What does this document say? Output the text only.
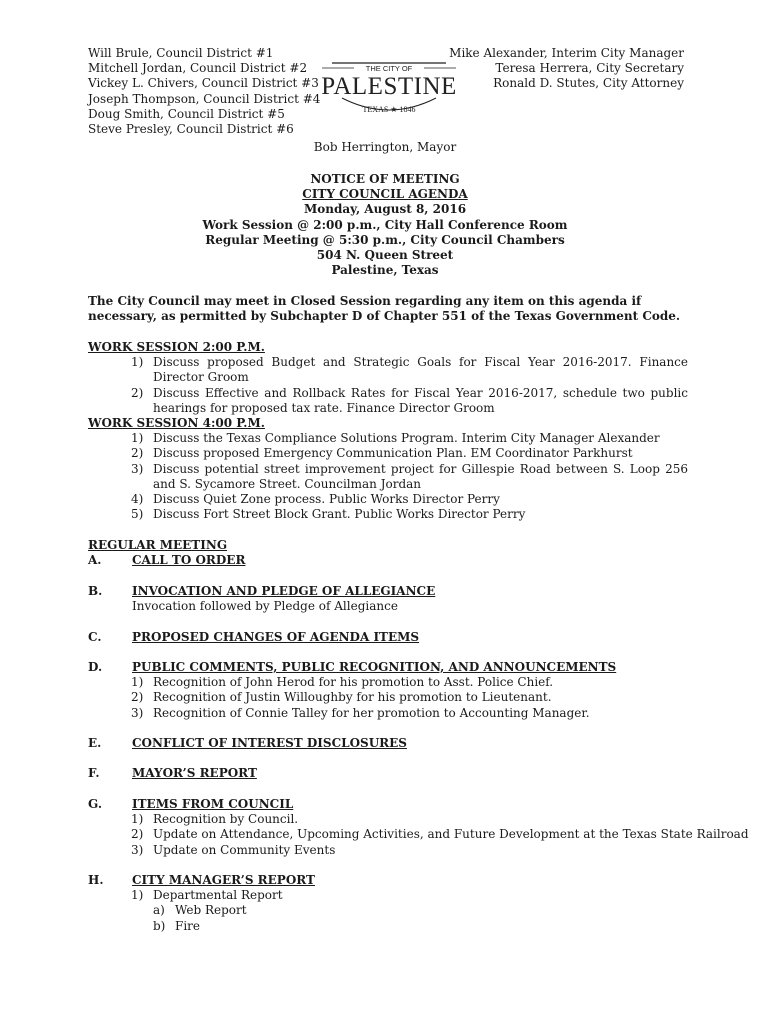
Will Brule, Council District #1
Mitchell Jordan, Council District #2
Vickey L. Chivers, Council District #3
Joseph Thompson, Council District #4
Doug Smith, Council District #5
Steve Presley, Council District #6
THE CITY OF
PALESTINE
TEXAS ★ 1846
Mike Alexander, Interim City Manager
Teresa Herrera, City Secretary
Ronald D. Stutes, City Attorney
Bob Herrington, Mayor
NOTICE OF MEETING
CITY COUNCIL AGENDA
Monday, August 8, 2016
Work Session @ 2:00 p.m., City Hall Conference Room
Regular Meeting @ 5:30 p.m., City Council Chambers
504 N. Queen Street
Palestine, Texas
The City Council may meet in Closed Session regarding any item on this agenda if necessary, as permitted by Subchapter D of Chapter 551 of the Texas Government Code.
WORK SESSION 2:00 P.M.
1) Discuss proposed Budget and Strategic Goals for Fiscal Year 2016-2017. Finance Director Groom
2) Discuss Effective and Rollback Rates for Fiscal Year 2016-2017, schedule two public hearings for proposed tax rate. Finance Director Groom
WORK SESSION 4:00 P.M.
1) Discuss the Texas Compliance Solutions Program. Interim City Manager Alexander
2) Discuss proposed Emergency Communication Plan. EM Coordinator Parkhurst
3) Discuss potential street improvement project for Gillespie Road between S. Loop 256 and S. Sycamore Street. Councilman Jordan
4) Discuss Quiet Zone process. Public Works Director Perry
5) Discuss Fort Street Block Grant. Public Works Director Perry
REGULAR MEETING
A.	CALL TO ORDER
B.	INVOCATION AND PLEDGE OF ALLEGIANCE
Invocation followed by Pledge of Allegiance
C.	PROPOSED CHANGES OF AGENDA ITEMS
D.	PUBLIC COMMENTS, PUBLIC RECOGNITION, AND ANNOUNCEMENTS
1) Recognition of John Herod for his promotion to Asst. Police Chief.
2) Recognition of Justin Willoughby for his promotion to Lieutenant.
3) Recognition of Connie Talley for her promotion to Accounting Manager.
E.	CONFLICT OF INTEREST DISCLOSURES
F.	MAYOR’S REPORT
G.	ITEMS FROM COUNCIL
1) Recognition by Council.
2) Update on Attendance, Upcoming Activities, and Future Development at the Texas State Railroad
3) Update on Community Events
H.	CITY MANAGER’S REPORT
1) Departmental Report
a) Web Report
b) Fire
